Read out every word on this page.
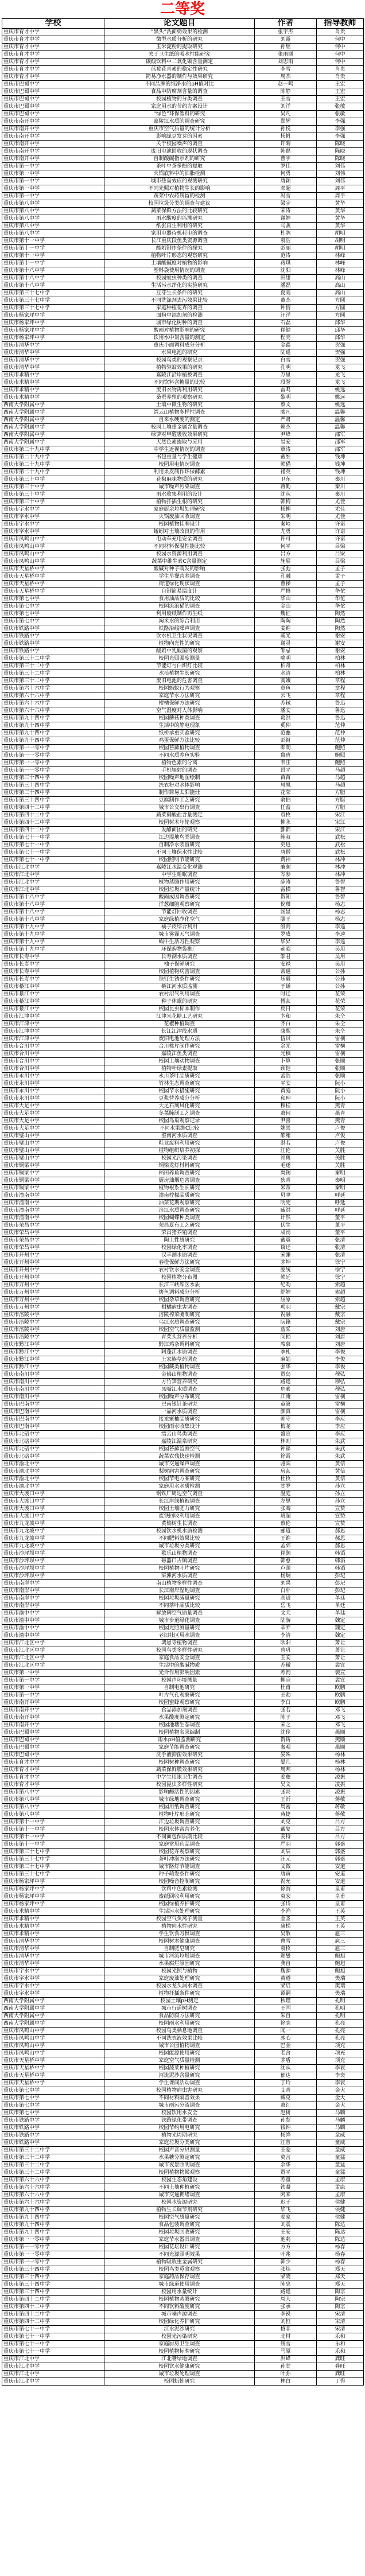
二等奖
学校	论文题目	作者	指导教师
重庆市育才中学	“黑头”洗面奶效果的检测	张宇杰	肖贵
重庆市育才中学	微型水质分析的研究	刘露	何中
重庆市育才中学	玉米淀粉的提取研究	孙继	何中
重庆市育才中学	关于卫生纸的吸水性能研究	张雨涵	何中
重庆市育才中学	碳酸饮料中二氧化碳含量测定	刘思雨	何中
重庆市育才中学	蓝莓花青素的稳定性研究	李雪	肖贵
重庆市育才中学	简易净水器的制作与效果研究	周杰	肖贵
重庆市巴蜀中学	不同品牌的纯净水的pH值对比	赵一鸣	王宏
重庆市巴蜀中学	食品中防腐剂含量的调查	陈静	王宏
重庆市巴蜀中学	校园植物的分类调查	王雪	王宏
重庆市巴蜀中学	家庭用水的节约方案设计	刘洋	张敏
重庆市巴蜀中学	“绿色”环保塑料的研究	吴凡	张敏
重庆市南开中学	嘉陵江水质的调查研究	郑辉	李强
重庆市南开中学	重庆市空气质量的统计分析	孙悦	李强
重庆市南开中学	影响绿豆发芽的因素	杨帆	李强
重庆市南开中学	关于校园噪声的调查	许晴	陈晓
重庆市南开中学	废旧电池回收的现状调查	韩磊	陈晓
重庆市南开中学	自制酸碱指示剂的研究	曹宇	陈晓
重庆市第一中学	茶叶中茶多酚的提取	罗佳	刘伟
重庆市第一中学	火锅底料中的油脂检测	何勇	刘伟
重庆市第一中学	城市热岛效应的观测研究	唐颖	刘伟
重庆市第一中学	不同光照对植物生长的影响	邓超	周平
重庆市第一中学	蔬菜中农药残留的检测	冯雪	周平
重庆市第八中学	校园垃圾分类的调查与建议	梁宇	黄华
重庆市第八中学	蔬菜保鲜方法的比较研究	宋涛	黄华
重庆市第八中学	雨水酸度的监测研究	谢婷	黄华
重庆市第八中学	纸张再生利用的研究	马骏	黄华
重庆市第八中学	家用电器待机耗电的调查	杜鹃	胡明
重庆市第十一中学	长江重庆段鱼类资源调查	袁浩	胡明
重庆市第十一中学	酸奶制作条件的探究	彭丽	胡明
重庆市第十一中学	植物叶片形态的观察研究	范涛	林峰
重庆市第十一中学	土壤酸碱度对植物的影响	蒋琪	林峰
重庆市第十八中学	塑料袋使用情况的调查	沈阳	林峰
重庆市第十八中学	校园蚊虫种类的调查	田甜	高山
重庆市第十八中学	生活污水净化的实验研究	潘磊	高山
重庆市第三十七中学	豆芽生长条件的研究	夏雨	高山
重庆市第三十七中学	不同洗涤剂去污效果比较	董杰	方圆
重庆市第三十七中学	家庭种植花卉的调查	钟情	方圆
重庆市杨家坪中学	面粉中添加剂的检测	汪洋	方圆
重庆市杨家坪中学	城市绿化树种的调查	石磊	邱华
重庆市杨家坪中学	酸雨对植物影响的研究	崔健	邱华
重庆市杨家坪中学	饮用水中氯含量的测定	程亮	邱华
重庆市清华中学	重庆小面调料成分分析	金鑫	贺强
重庆市清华中学	水果电池的研究	陆遥	贺强
重庆市清华中学	校园鸟类的观察记录	白雪	贺强
重庆市清华中学	植物驱蚊效果的研究	孔明	龙飞
重庆市求精中学	嘉陵江沿岸植被调查	万里	龙飞
重庆市求精中学	不同饮料含糖量的比较	段誉	龙飞
重庆市求精中学	废旧衣物再利用研究	雷鸣	姚远
重庆市求精中学	桑蚕养殖的观察研究	黎明	姚远
西南大学附属中学	土壤中微生物的研究	蔡文	姚远
西南大学附属中学	缙云山植物多样性调查	廖凡	温馨
西南大学附属中学	自来水硬度的测定	严肃	温馨
西南大学附属中学	校园土壤重金属含量调查	赖杰	温馨
西南大学附属中学	绿萝对甲醛吸收效果研究	尹峰	邵军
西南大学附属中学	天然色素提取与应用	易安	邵军
重庆市第二十九中学	中学生近视情况的调查	覃涛	邵军
重庆市第二十九中学	书包重量与学生健康	戴维	钱坤
重庆市第二十九中学	校园用电情况调查	熊猫	钱坤
重庆市第二十九中学	利用果皮制作环保酵素	褚英	钱坤
重庆市第三十中学	花椒麻味物质的研究	卫东	秦川
重庆市第三十中学	城市噪声污染调查	蒋勤	秦川
重庆市第三十中学	雨水收集利用的设计	沈从	秦川
重庆市第三十中学	植物扦插生根的研究	韩梅	尤佳
重庆市字水中学	家庭厨余垃圾处理研究	杨柳	尤佳
重庆市字水中学	火锅废油回收调查	朱明	尤佳
重庆市字水中学	校园植物挂牌设计	秦岭	许诺
重庆市字水中学	蚯蚓对土壤改良的作用	尤勇	许诺
重庆市凤鸣山中学	电动车充电安全调查	许可	许诺
重庆市凤鸣山中学	不同材料保温性能比较	何平	吕梁
重庆市凤鸣山中学	校园水资源利用调查	吕方	吕梁
重庆市凤鸣山中学	蔬菜中维生素C含量测定	施展	吕梁
重庆市天星桥中学	酸碱对种子萌发的影响	张弛	孟子
重庆市天星桥中学	学生早餐营养调查	孔融	孟子
重庆市天星桥中学	街道绿化现状调查	曹操	孟子
重庆市天星桥中学	自制简易温度计	严格	华佗
重庆市第七中学	食用油品质的比较	华山	华佗
重庆市第七中学	校园流浪猫的调查	金山	华佗
重庆市第七中学	利用废纸制作再生纸	魏征	陶然
重庆市第七中学	淘米水的综合利用	陶陶	陶然
重庆市铁路中学	铁路沿线噪声调查	姜维	陶然
重庆市铁路中学	饮水机卫生状况调查	戚光	谢安
重庆市铁路中学	植物向光性的研究	谢灵	谢安
重庆市铁路中学	酸奶中乳酸菌的观察	邹忌	谢安
重庆市第三十二中学	校园光照强度测量	喻明	柏林
重庆市第三十二中学	节能灯与白炽灯比较	柏舟	柏林
重庆市第三十二中学	水培植物生长研究	水清	柏林
重庆市第三十二中学	废旧电池的危害调查	窦娥	章程
重庆市第六十六中学	校园蚂蚁行为观察	章鱼	章程
重庆市第六十六中学	家庭节水方法研究	云飞	章程
重庆市第六十六中学	柑橘保鲜方法研究	苏轼	鲁迅
重庆市第六十六中学	空气湿度对人体影响	潘安	鲁迅
重庆市第九十四中学	校园蘑菇种类调查	葛洪	鲁迅
重庆市第九十四中学	生活中的静电现象	奚仲	范仲
重庆市第九十四中学	纸桥承重实验研究	范蠡	范仲
重庆市第九十四中学	鸡蛋保鲜方法比较	彭祖	范仲
重庆市第一一零中学	校园苔藓植物调查	郎朗	鲍照
重庆市第一一零中学	不同水质养鱼实验	鲁班	鲍照
重庆市第一一零中学	植物色素的分离	韦庄	鲍照
重庆市第一一零中学	手机辐射的调查	昌平	马超
重庆市第三十四中学	校园噪声地图绘制	苗苗	马超
重庆市第三十四中学	洗衣粉对水体影响	凤凰	马超
重庆市第三十四中学	制作简易太阳能灶	花荣	方腊
重庆市第三十四中学	豆腐制作工艺研究	俞伯	方腊
重庆市第四十二中学	城市公交出行调查	任盈	方腊
重庆市第四十二中学	蔬菜硝酸盐含量测定	袁枚	宋江
重庆市第四十二中学	校园树木年轮观察	柳永	宋江
重庆市第四十二中学	发酵面团的研究	酆都	宋江
重庆市第七十一中学	江边湿地鸟类调查	鲍叔	武松
重庆市第七十一中学	自制净水装置研究	史进	武松
重庆市第七十一中学	不同土壤保水性比较	唐僧	武松
重庆市第七十一中学	校园照明节能研究	费祎	林冲
重庆市江北中学	嘉陵江水温变化观测	廉颇	林冲
重庆市江北中学	中学生睡眠调查	岑参	林冲
重庆市江北中学	植物蒸腾作用研究	薛涛	鲁智
重庆市江北中学	校园垃圾产量统计	雷横	鲁智
重庆市第十八中学	酸雨成因调查研究	贺知	鲁智
重庆市第十八中学	洋葱细胞观察研究	倪瓒	杨志
重庆市第十八中学	节能灯回收调查	汤显	杨志
重庆市第十八中学	家庭绿植净化空气	滕王	杨志
重庆市第十九中学	橘子皮综合利用	殷商	李逵
重庆市第十九中学	城市雾霾天气调查	罗成	李逵
重庆市第十九中学	蜗牛生活习性观察	毕昇	李逵
重庆市第十九中学	环保购物袋推广	郝昭	吴用
重庆市长寿中学	长寿湖水质调查	邬君	吴用
重庆市长寿中学	柚子保鲜研究	安禄	吴用
重庆市长寿中学	校园植物病害调查	常遇	公孙
重庆市长寿中学	铁钉生锈条件研究	乐毅	公孙
重庆市綦江中学	綦江河水质监测	于谦	公孙
重庆市綦江中学	农村沼气利用调查	时迁	花荣
重庆市綦江中学	种子休眠的研究	傅玄	花荣
重庆市綦江中学	校园昆虫标本制作	皮日	花荣
重庆市江津中学	江津米花糖工艺研究	卞和	朱仝
重庆市江津中学	花椒种植调查	齐白	朱仝
重庆市江津中学	长江江津段水质	康熙	朱仝
重庆市江津中学	废旧电池处理方法	伍员	雷横
重庆市合川中学	合川桃片制作研究	余光	雷横
重庆市合川中学	嘉陵江鱼类调查	元稹	雷横
重庆市合川中学	校园土壤动物调查	卜算	张顺
重庆市合川中学	植物叶绿素提取	顾恺	张顺
重庆市永川中学	永川茶叶品质研究	孟浩	张顺
重庆市永川中学	竹林生态调查研究	平安	阮小
重庆市永川中学	校园节水措施研究	黄庭	阮小
重庆市永川中学	豆浆营养成分分析	和珅	阮小
重庆市大足中学	大足石刻风化研究	穆桂	燕青
重庆市大足中学	冬菜腌制工艺调查	萧何	燕青
重庆市大足中学	校园鸟巢观察记录	尹喜	燕青
重庆市大足中学	不同水果维C比较	姚崇	卢俊
重庆市璧山中学	璧南河水质调查	邵雍	卢俊
重庆市璧山中学	鞋业废料利用研究	湛若	卢俊
重庆市璧山中学	植物组织培养初探	汪伦	关胜
重庆市璧山中学	校园光污染调查	祁寯	关胜
重庆市铜梁中学	铜梁龙灯材料研究	毛遂	关胜
重庆市铜梁中学	稻田养鱼调查研究	禹锡	秦明
重庆市铜梁中学	厨房油烟危害调查	狄青	秦明
重庆市铜梁中学	植物根系生长研究	米芾	秦明
重庆市潼南中学	潼南柠檬品质研究	贝聿	呼延
重庆市潼南中学	油菜花期观察研究	明宪	呼延
重庆市潼南中学	涪江水质调查研究	臧洪	呼延
重庆市潼南中学	校园蝴蝶种类调查	计然	董平
重庆市荣昌中学	荣昌夏布工艺研究	伏生	董平
重庆市荣昌中学	荣昌猪养殖调查	成汤	董平
重庆市荣昌中学	陶土性质研究	戴震	张清
重庆市荣昌中学	校园绿化率调查	谈迁	张清
重庆市开州中学	汉丰湖水质调查	宋濂	张清
重庆市开州中学	春橙保鲜方法研究	茅坤	徐宁
重庆市开州中学	农村饮水安全调查	庞统	徐宁
重庆市开州中学	校园植物分布图	熊廷	徐宁
重庆市万州中学	长江三峡库区水质	纪昀	索超
重庆市万州中学	烤鱼调料成分分析	舒婷	索超
重庆市万州中学	校园杂草调查研究	屈原	索超
重庆市万州中学	柑橘病虫害调查	项羽	戴宗
重庆市涪陵中学	涪陵榨菜腌制研究	祝融	戴宗
重庆市涪陵中学	乌江水质调查研究	阮籍	戴宗
重庆市涪陵中学	校园空气质量监测	蓝采	刘唐
重庆市涪陵中学	青菜头营养分析	闵损	刘唐
重庆市黔江中学	黔江鸡杂调料研究	席慕	刘唐
重庆市黔江中学	阿蓬江水质调查	季札	李俊
重庆市黔江中学	土家族草药调查	麻姑	李俊
重庆市黔江中学	校园蕨类植物调查	强华	李俊
重庆市南川中学	金佛山植物调查	贾岛	穆弘
重庆市南川中学	方竹笋营养研究	路遥	穆弘
重庆市南川中学	凤嘴江水质调查	危素	穆弘
重庆市南川中学	校园噪声分布研究	江淹	雷横
重庆市巴南中学	巴南银针茶研究	童第	雷横
重庆市巴南中学	一品河水质调查	颜真	雷横
重庆市巴南中学	接龙蜜柚品质研究	郭守	李应
重庆市巴南中学	校园雨水收集设计	梅尧	李应
重庆市北碚中学	缙云山鸟类调查	盛宣	李应
重庆市北碚中学	嘉陵江温泉研究	林则	朱武
重庆市北碚中学	校园苔藓监测空气	钟繇	朱武
重庆市北碚中学	蔬菜农残快速检测	徐霞	朱武
重庆市渝北中学	城市交通噪声调查	骆宾	黄信
重庆市渝北中学	梨树病害调查研究	房玄	黄信
重庆市渝北中学	校园节电方案研究	杜牧	黄信
重庆市渝北中学	家庭用水水质检测	甘罗	孙立
重庆市大渡口中学	钢铁厂周边空气调查	温庭	孙立
重庆市大渡口中学	长江岸线植被调查	左思	孙立
重庆市大渡口中学	校园土壤肥力研究	张骞	宣赞
重庆市大渡口中学	废铁回收利用调查	班超	宣赞
重庆市九龙坡中学	黄桷树生长调查	蔡伦	宣赞
重庆市九龙坡中学	校园饮水机水质检测	郦道	郝思
重庆市九龙坡中学	不同肥料效果比较	王维	郝思
重庆市九龙坡中学	城市垃圾分类研究	孟郊	郝思
重庆市沙坪坝中学	歌乐山植物调查	崔颢	韩滔
重庆市沙坪坝中学	磁器口古镇调查	韩愈	韩滔
重庆市沙坪坝中学	校园植物叶片研究	卢照	韩滔
重庆市沙坪坝中学	梁滩河水质调查	杨炯	彭玘
重庆市南岸中学	南山植物多样性调查	刘禹	彭玘
重庆市南岸中学	长江南岸湿地调查	白朴	彭玘
重庆市南岸中学	校园垃圾减量研究	高适	单廷
重庆市南岸中学	不同茶叶品质比较	岳飞	单廷
重庆市渝中中学	解放碑空气质量调查	文天	单廷
重庆市渝中中学	城市步道绿化调查	陆游	魏定
重庆市渝中中学	校园光照测量研究	辛弃	魏定
重庆市渝中中学	老旧社区用水调查	李清	魏定
重庆市江北区中学	鸿恩寺植物调查	欧阳	萧让
重庆市江北区中学	校园鸟类多样性研究	曾巩	萧让
重庆市江北区中学	家庭食品安全调查	王安	萧让
重庆市江北区中学	生活中的酸碱物质	苏辙	裴宣
重庆市第一中学	光合作用影响因素	苏洵	裴宣
重庆市第一中学	校园声环境测量	柳宗	裴宣
重庆市第一中学	自制电池研究	杜甫	欧鹏
重庆市第一中学	叶片气孔观察研究	王勃	欧鹏
重庆市南开中学	校园蜜蜂观察研究	李白	欧鹏
重庆市南开中学	食品添加剂调查	张若	邓飞
重庆市南开中学	水果酸度测定研究	陈子	邓飞
重庆市南开中学	校园池塘生态调查	宋之	邓飞
重庆市巴蜀中学	校园植物名录编制	沈佺	燕顺
重庆市巴蜀中学	雨水pH值监测研究	贺铸	燕顺
重庆市巴蜀中学	家庭节能调查研究	秦观	燕顺
重庆市巴蜀中学	洗手液抑菌效果研究	晏殊	杨林
重庆市育才中学	校园树种调查研究	晏几	杨林
重庆市育才中学	蔬菜保鲜膜效果研究	周邦	杨林
重庆市育才中学	中学生用眼卫生调查	姜夔	凌振
重庆市育才中学	校园昆虫多样性研究	吴文	凌振
重庆市第八中学	影响酶活性的因素	张炎	凌振
重庆市第八中学	城市绿地调查研究	王沂	蒋敬
重庆市第八中学	校园用纸调查研究	周密	蒋敬
重庆市第八中学	植物叶片形态研究	蒋捷	蒋敬
重庆市第十一中学	江边垃圾调查研究	刘克	吕方
重庆市第十一中学	校园水体富营养化	戴复	吕方
重庆市第十一中学	不同面包保质期比较	姜特	吕方
重庆市第十一中学	家庭常用药品调查	严羽	郭盛
重庆市第三十七中学	校园花卉观察研究	刘辰	郭盛
重庆市第三十七中学	茶叶冲泡方法研究	汪元	郭盛
重庆市第三十七中学	城市路灯节能调查	文徵	安道
重庆市第三十七中学	种子萌发条件研究	唐寅	安道
重庆市杨家坪中学	校园噪音控制研究	祝允	安道
重庆市杨家坪中学	饮料中色素检测	徐渭	皇甫
重庆市杨家坪中学	废纸回收利用研究	袁宏	皇甫
重庆市杨家坪中学	校园绿植养护研究	张岱	皇甫
重庆市求精中学	生活污水处理研究	李渔	王英
重庆市求精中学	校园空气负离子测量	金圣	王英
重庆市求精中学	植物向水性研究	蒲松	王英
重庆市求精中学	学生饮食习惯调查	吴敬	扈三
重庆市清华中学	校园树木健康调查	曹雪	扈三
重庆市清华中学	自制肥皂研究	袁枚	扈三
重庆市清华中学	城市河流垃圾调查	郑燮	鲍旭
重庆市清华中学	水果腐烂原因研究	龚自	鲍旭
重庆市字水中学	校园光照与植物	魏源	鲍旭
重庆市字水中学	家庭废油处理研究	黄遵	樊瑞
重庆市字水中学	校园水龙头漏水调查	梁启	樊瑞
重庆市字水中学	植物扦插条件研究	谭嗣	樊瑞
西南大学附属中学	校园土壤pH测定	秋瑾	孔明
西南大学附属中学	城市行道树调查	王国	孔明
西南大学附属中学	食品防腐方法研究	朱自	孔明
西南大学附属中学	校园雨水利用研究	徐志	孔亮
重庆市凤鸣山中学	校园鸟类栖息地调查	闻一	孔亮
重庆市凤鸣山中学	不同洗衣液效果比较	冰心	孔亮
重庆市凤鸣山中学	城市公园植物调查	巴金	项充
重庆市凤鸣山中学	校园能源使用研究	老舍	项充
重庆市天星桥中学	家庭空气质量检测	茅盾	项充
重庆市天星桥中学	校园蔬菜种植研究	沈从	李衮
重庆市天星桥中学	河流泥沙含量研究	郁达	李衮
重庆市天星桥中学	学生课间活动调查	丁玲	李衮
重庆市第七中学	校园植物病虫害研究	艾青	金大
重庆市第七中学	不同材料隔音效果	臧克	金大
重庆市第七中学	城市雨污分流调查	萧红	金大
重庆市第七中学	校园饮用水安全	赵树	马麟
重庆市铁路中学	铁路绿化带调查	孙犁	马麟
重庆市铁路中学	校园节约用电研究	钱钟	马麟
重庆市铁路中学	植物光周期研究	杨绛	童威
重庆市铁路中学	家庭垃圾分类研究	汪曾	童威
重庆市第三十二中学	校园声音分贝测量	王蒙	童威
重庆市第三十二中学	水果糖分测定研究	莫言	童猛
重庆市第三十二中学	城市夜景照明调查	余华	童猛
重庆市第三十二中学	校园植物物候观察	贾平	童猛
重庆市第六十六中学	校园生态角建设	苏童	孟康
重庆市第六十六中学	不同土壤种植研究	铁凝	孟康
重庆市第六十六中学	城市交通拥堵调查	阿来	孟康
重庆市第六十六中学	校园水资源研究	迟子	侯健
重庆市第九十四中学	植物生长调节剂研究	毕飞	侯健
重庆市第九十四中学	校园空气质量研究	麦家	侯健
重庆市第九十四中学	食品包装调查研究	刘震	陈达
重庆市第九十四中学	校园垃圾回收研究	王安	陈达
重庆市第一一零中学	家庭节水器具调查	池莉	陈达
重庆市第一一零中学	校园花坛设计研究	方方	杨春
重庆市第一一零中学	不同光源照明效果	叶兆	杨春
重庆市第一一零中学	植物吸收重金属研究	韩少	杨春
重庆市第三十四中学	校园鸟类觅食观察	张炜	郑天
重庆市第三十四中学	家庭药品保存调查	梁晓	郑天
重庆市第三十四中学	城市绿道使用调查	陈忠	郑天
重庆市第三十四中学	校园用水量统计	路遥	陶宗
重庆市第四十二中学	校园植物蒸腾研究	周大	陶宗
重庆市第四十二中学	不同饮料酸度研究	张承	陶宗
重庆市第四十二中学	城市噪声源调查	李锐	宋清
重庆市第四十二中学	校园绿化养护研究	刘恒	宋清
重庆市第七十一中学	江水泥沙研究	格非	宋清
重庆市第七十一中学	校园光污染研究	北村	乐和
重庆市第七十一中学	家庭厨房卫生调查	残雪	乐和
重庆市第七十一中学	校园植物标牌研究	马原	乐和
重庆市江北中学	江北嘴绿地调查	洪峰	龚旺
重庆市江北中学	校园饮水健康研究	孙甘	龚旺
重庆市江北中学	城市垃圾处理调查	叶弥	龚旺
重庆市江北中学	校园蚯蚓研究	林白	丁得
